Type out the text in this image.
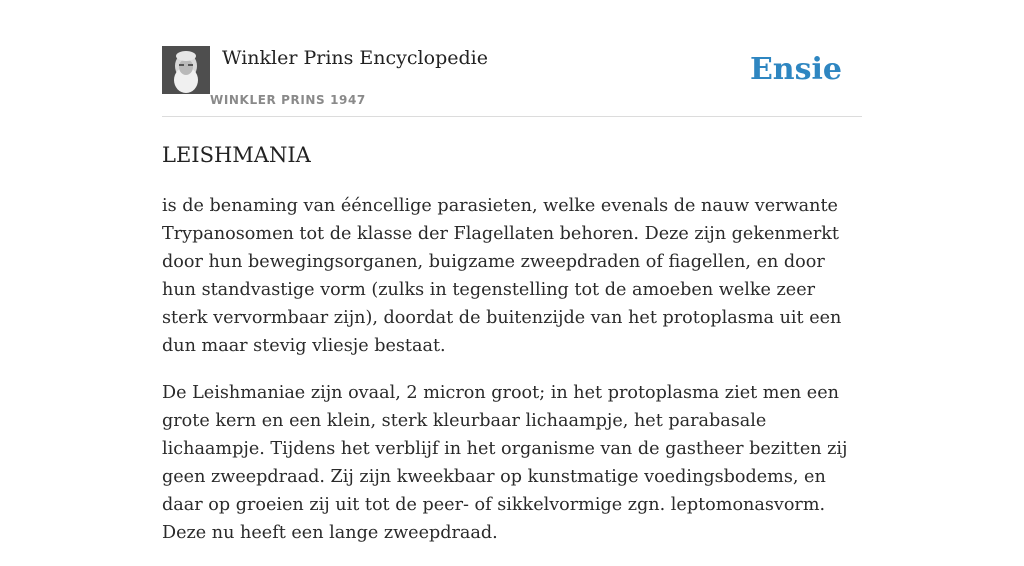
Winkler Prins Encyclopedie
WINKLER PRINS 1947
Ensie
LEISHMANIA

is de benaming van ééncellige parasieten, welke evenals de nauw verwante Trypanosomen tot de klasse der Flagellaten behoren. Deze zijn gekenmerkt door hun bewegingsorganen, buigzame zweepdraden of fiagellen, en door hun standvastige vorm (zulks in tegenstelling tot de amoeben welke zeer sterk vervormbaar zijn), doordat de buitenzijde van het protoplasma uit een dun maar stevig vliesje bestaat.

De Leishmaniae zijn ovaal, 2 micron groot; in het protoplasma ziet men een grote kern en een klein, sterk kleurbaar lichaampje, het parabasale lichaampje. Tijdens het verblijf in het organisme van de gastheer bezitten zij geen zweepdraad. Zij zijn kweekbaar op kunstmatige voedingsbodems, en daar op groeien zij uit tot de peer- of sikkelvormige zgn. leptomonasvorm. Deze nu heeft een lange zweepdraad.
